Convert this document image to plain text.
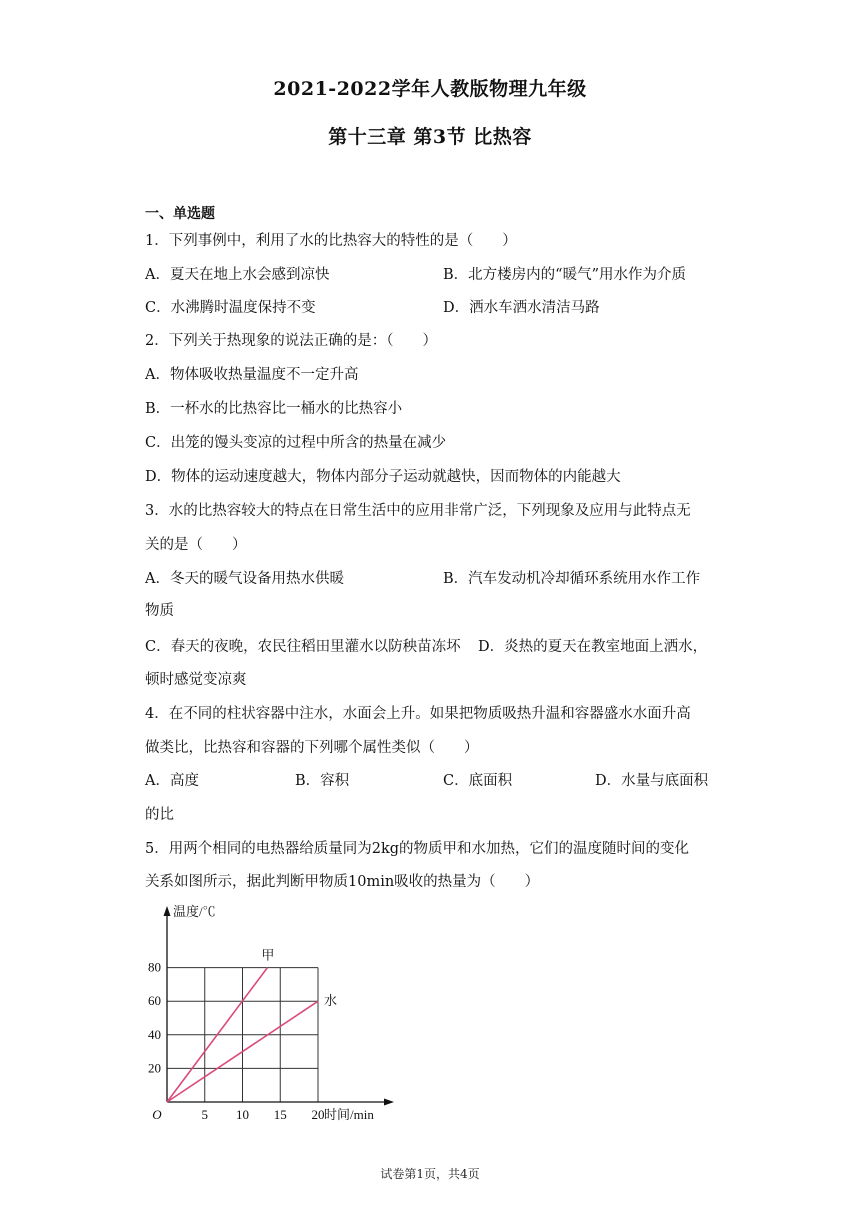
2021-2022学年人教版物理九年级
第十三章 第3节 比热容
一、单选题
1．下列事例中，利用了水的比热容大的特性的是（　　）
A．夏天在地上水会感到凉快	B．北方楼房内的“暖气”用水作为介质
C．水沸腾时温度保持不变	D．洒水车洒水清洁马路
2．下列关于热现象的说法正确的是：（　　）
A．物体吸收热量温度不一定升高
B．一杯水的比热容比一桶水的比热容小
C．出笼的馒头变凉的过程中所含的热量在减少
D．物体的运动速度越大，物体内部分子运动就越快，因而物体的内能越大
3．水的比热容较大的特点在日常生活中的应用非常广泛，下列现象及应用与此特点无
关的是（　　）
A．冬天的暖气设备用热水供暖	B．汽车发动机冷却循环系统用水作工作
物质
C．春天的夜晚，农民往稻田里灌水以防秧苗冻坏 D．炎热的夏天在教室地面上洒水，
顿时感觉变凉爽
4．在不同的柱状容器中注水，水面会上升。如果把物质吸热升温和容器盛水水面升高
做类比，比热容和容器的下列哪个属性类似（　　）
A．高度	B．容积	C．底面积	D．水量与底面积
的比
5．用两个相同的电热器给质量同为2kg的物质甲和水加热，它们的温度随时间的变化
关系如图所示，据此判断甲物质10min吸收的热量为（　　）
甲
水
5 10 15 20
20
40
60
80
O
温度/℃
时间/min
试卷第1页，共4页
